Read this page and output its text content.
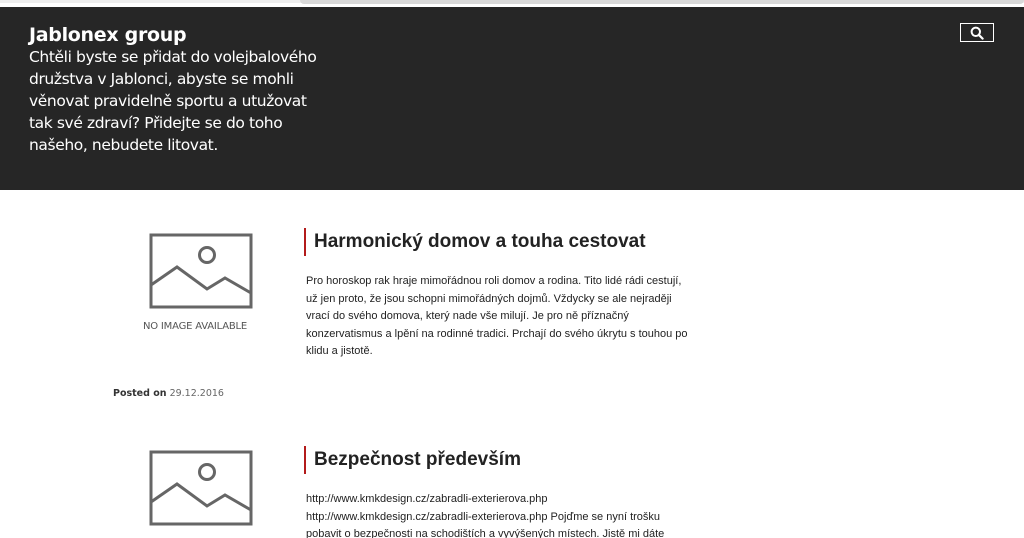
Jablonex group

Chtěli byste se přidat do volejbalového družstva v Jablonci, abyste se mohli věnovat pravidelně sportu a utužovat tak své zdraví? Přidejte se do toho našeho, nebudete litovat.

NO IMAGE AVAILABLE
Harmonický domov a touha cestovat

Pro horoskop rak hraje mimořádnou roli domov a rodina. Tito lidé rádi cestují, už jen proto, že jsou schopni mimořádných dojmů. Vždycky se ale nejraději vrací do svého domova, který nade vše milují. Je pro ně příznačný konzervatismus a lpění na rodinné tradici. Prchají do svého úkrytu s touhou po klidu a jistotě.

Posted on 29.12.2016
Bezpečnost především

http://www.kmkdesign.cz/zabradli-exterierova.php http://www.kmkdesign.cz/zabradli-exterierova.php Pojďme se nyní trošku pobavit o bezpečnosti na schodištích a vyvýšených místech. Jistě mi dáte
